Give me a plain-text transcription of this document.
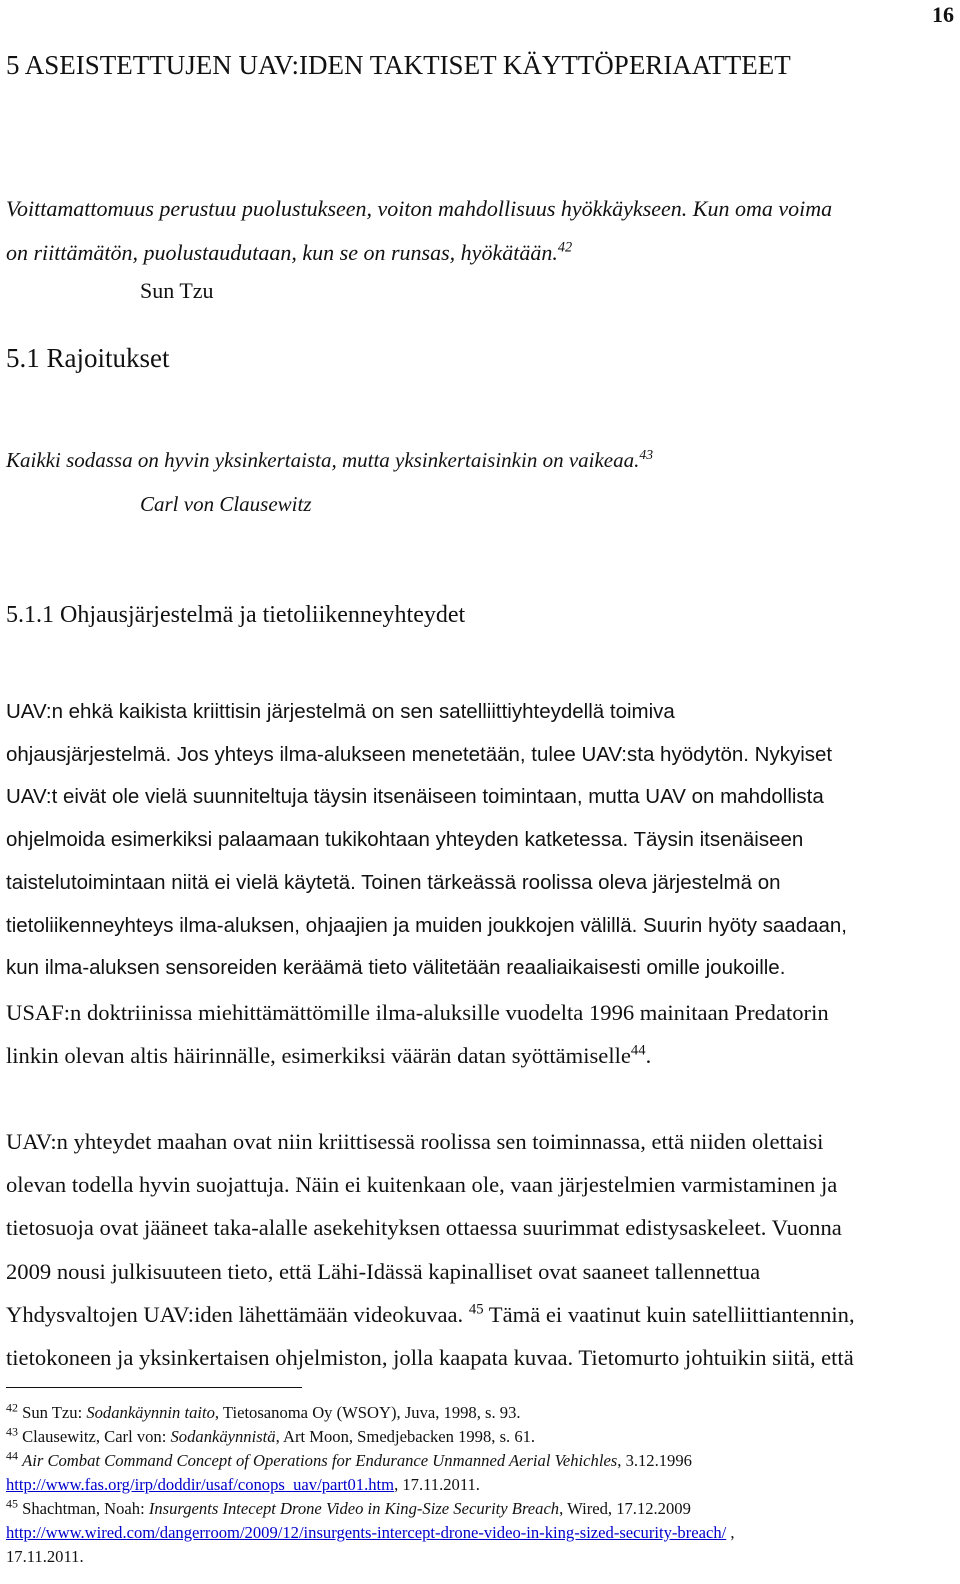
16
5 ASEISTETTUJEN UAV:IDEN TAKTISET KÄYTTÖPERIAATTEET

Voittamattomuus perustuu puolustukseen, voiton mahdollisuus hyökkäykseen. Kun oma voima
on riittämätön, puolustaudutaan, kun se on runsas, hyökätään.$^{42}$

Sun Tzu

5.1 Rajoitukset

Kaikki sodassa on hyvin yksinkertaista, mutta yksinkertaisinkin on vaikeaa.$^{43}$

Carl von Clausewitz

5.1.1 Ohjausjärjestelmä ja tietoliikenneyhteydet
UAV:n ehkä kaikista kriittisin järjestelmä on sen satelliittiyhteydellä toimiva
ohjausjärjestelmä. Jos yhteys ilma-alukseen menetetään, tulee UAV:sta hyödytön. Nykyiset
UAV:t eivät ole vielä suunniteltuja täysin itsenäiseen toimintaan, mutta UAV on mahdollista
ohjelmoida esimerkiksi palaamaan tukikohtaan yhteyden katketessa. Täysin itsenäiseen
taistelutoimintaan niitä ei vielä käytetä. Toinen tärkeässä roolissa oleva järjestelmä on
tietoliikenneyhteys ilma-aluksen, ohjaajien ja muiden joukkojen välillä. Suurin hyöty saadaan,
kun ilma-aluksen sensoreiden keräämä tieto välitetään reaaliaikaisesti omille joukoille.
USAF:n doktriinissa miehittämättömille ilma-aluksille vuodelta 1996 mainitaan Predatorin
linkin olevan altis häirinnälle, esimerkiksi väärän datan syöttämiselle$^{44}$.
UAV:n yhteydet maahan ovat niin kriittisessä roolissa sen toiminnassa, että niiden olettaisi
olevan todella hyvin suojattuja. Näin ei kuitenkaan ole, vaan järjestelmien varmistaminen ja
tietosuoja ovat jääneet taka-alalle asekehityksen ottaessa suurimmat edistysaskeleet. Vuonna
2009 nousi julkisuuteen tieto, että Lähi-Idässä kapinalliset ovat saaneet tallennettua
Yhdysvaltojen UAV:iden lähettämään videokuvaa. $^{45}$ Tämä ei vaatinut kuin satelliittiantennin,
tietokoneen ja yksinkertaisen ohjelmiston, jolla kaapata kuvaa. Tietomurto johtuikin siitä, että

$^{42}$ Sun Tzu: Sodankäynnin taito, Tietosanoma Oy (WSOY), Juva, 1998, s. 93.

$^{43}$ Clausewitz, Carl von: Sodankäynnistä, Art Moon, Smedjebacken 1998, s. 61.

$^{44}$ Air Combat Command Concept of Operations for Endurance Unmanned Aerial Vehichles, 3.12.1996
http://www.fas.org/irp/doddir/usaf/conops_uav/part01.htm, 17.11.2011.

$^{45}$ Shachtman, Noah: Insurgents Intecept Drone Video in King-Size Security Breach, Wired, 17.12.2009
http://www.wired.com/dangerroom/2009/12/insurgents-intercept-drone-video-in-king-sized-security-breach/ ,
17.11.2011.
